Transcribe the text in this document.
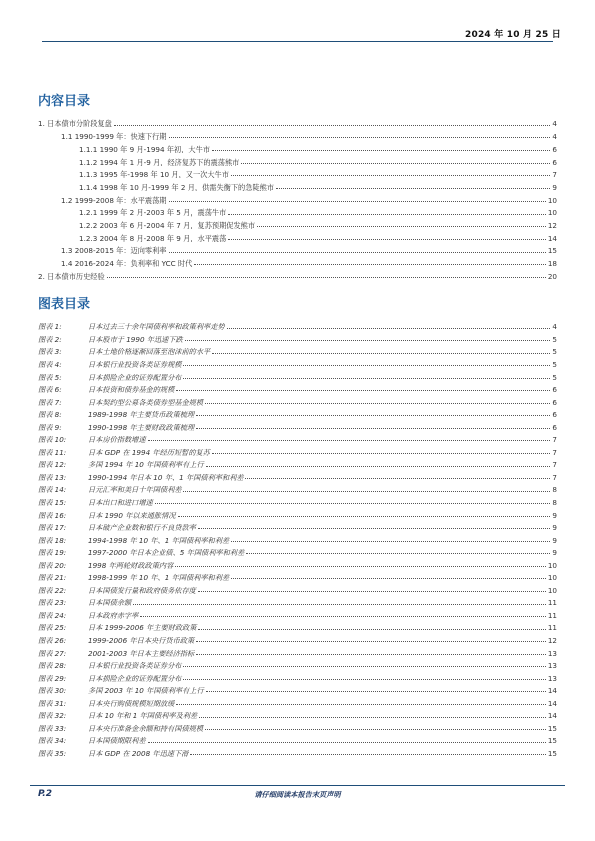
2024 年 10 月 25 日
内容目录
1. 日本债市分阶段复盘	4
1.1 1990-1999 年：快速下行期	4
1.1.1 1990 年 9 月-1994 年初，大牛市	6
1.1.2 1994 年 1 月-9 月，经济复苏下的震荡熊市	6
1.1.3 1995 年-1998 年 10 月，又一次大牛市	7
1.1.4 1998 年 10 月-1999 年 2 月，供需失衡下的急陡熊市	9
1.2 1999-2008 年：水平震荡期	10
1.2.1 1999 年 2 月-2003 年 5 月，震荡牛市	10
1.2.2 2003 年 6 月-2004 年 7 月，复苏预期促发熊市	12
1.2.3 2004 年 8 月-2008 年 9 月，水平震荡	14
1.3 2008-2015 年：迈向零利率	15
1.4 2016-2024 年：负利率和 YCC 时代	18
2. 日本债市历史经验	20
图表目录
图表 1:	日本过去三十余年国债利率和政策利率走势	4
图表 2:	日本股市于 1990 年迅速下跌	5
图表 3:	日本土地价格逐渐回落至泡沫前的水平	5
图表 4:	日本银行业投资各类证券规模	5
图表 5:	日本损险企业的证券配置分布	5
图表 6:	日本投资和债券基金的规模	6
图表 7:	日本契约型公募各类债券型基金规模	6
图表 8:	1989-1998 年主要货币政策梳理	6
图表 9:	1990-1998 年主要财政政策梳理	6
图表 10:	日本房价指数增速	7
图表 11:	日本 GDP 在 1994 年经历短暂的复苏	7
图表 12:	多国 1994 年 10 年国债利率有上行	7
图表 13:	1990-1994 年日本 10 年、1 年国债利率和利差	7
图表 14:	日元汇率和美日十年国债利差	8
图表 15:	日本出口和进口增速	8
图表 16:	日本 1990 年以来通胀情况	9
图表 17:	日本破产企业数和银行不良贷款率	9
图表 18:	1994-1998 年 10 年、1 年国债利率和利差	9
图表 19:	1997-2000 年日本企业债、5 年国债利率和利差	9
图表 20:	1998 年两轮财政政策内容	10
图表 21:	1998-1999 年 10 年、1 年国债利率和利差	10
图表 22:	日本国债发行量和政府债务依存度	10
图表 23:	日本国债余额	11
图表 24:	日本政府赤字率	11
图表 25:	日本 1999-2006 年主要财政政策	11
图表 26:	1999-2006 年日本央行货币政策	12
图表 27:	2001-2003 年日本主要经济指标	13
图表 28:	日本银行业投资各类证券分布	13
图表 29:	日本损险企业的证券配置分布	13
图表 30:	多国 2003 年 10 年国债利率有上行	14
图表 31:	日本央行购债规模短期放缓	14
图表 32:	日本 10 年和 1 年国债利率及利差	14
图表 33:	日本央行准备金余额和持有国债规模	15
图表 34:	日本国债期限利差	15
图表 35:	日本 GDP 在 2008 年迅速下滑	15
P.2	请仔细阅读本报告末页声明
